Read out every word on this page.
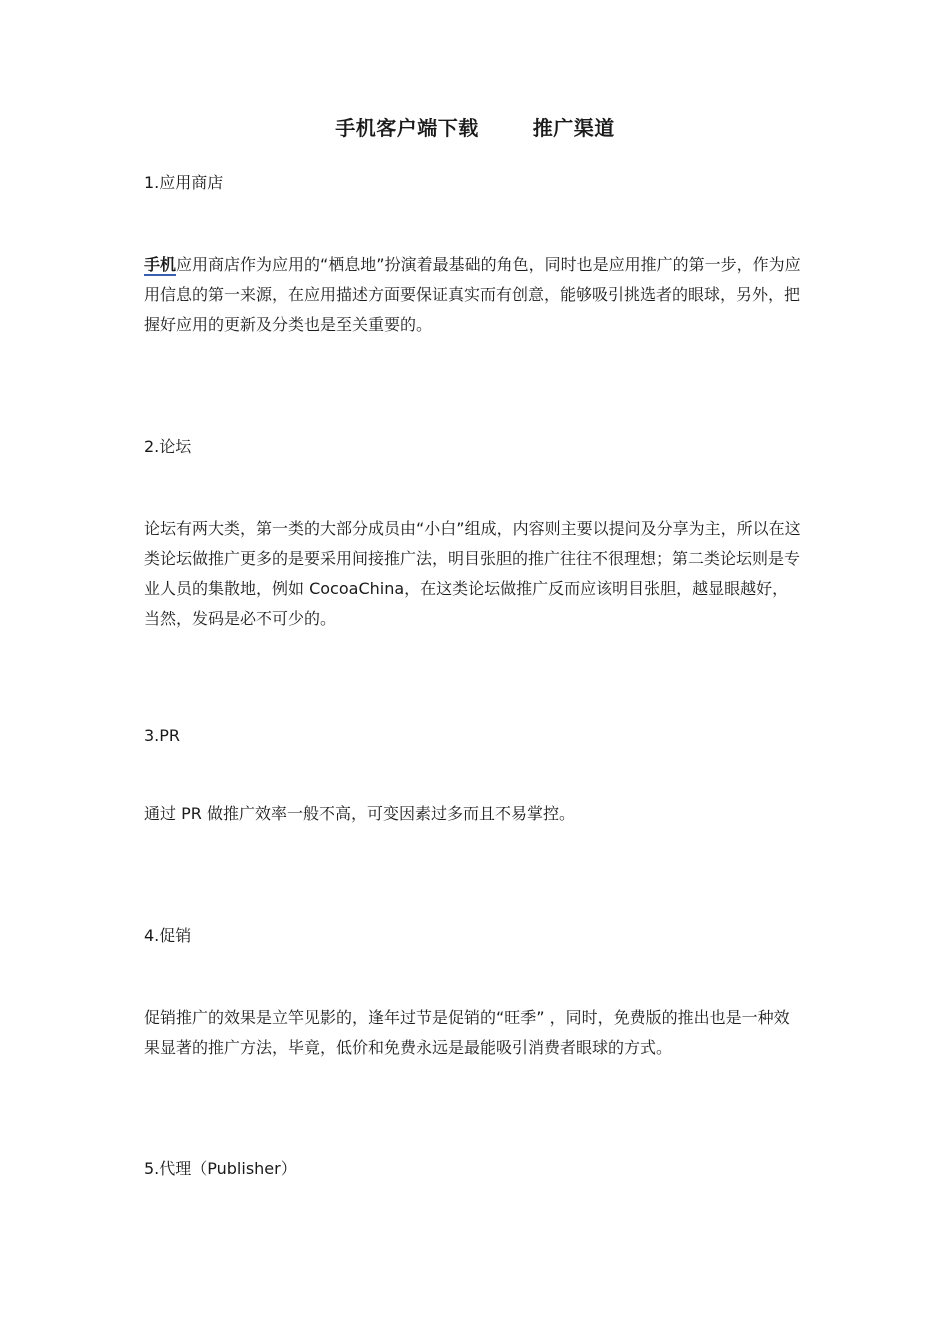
手机客户端下载	推广渠道
1.应用商店
手机应用商店作为应用的“栖息地”扮演着最基础的角色，同时也是应用推广的第一步，作为应用信息的第一来源，在应用描述方面要保证真实而有创意，能够吸引挑选者的眼球，另外，把握好应用的更新及分类也是至关重要的。
2.论坛
论坛有两大类，第一类的大部分成员由“小白”组成，内容则主要以提问及分享为主，所以在这类论坛做推广更多的是要采用间接推广法，明目张胆的推广往往不很理想；第二类论坛则是专业人员的集散地，例如 CocoaChina，在这类论坛做推广反而应该明目张胆，越显眼越好，当然，发码是必不可少的。
3.PR
通过 PR 做推广效率一般不高，可变因素过多而且不易掌控。
4.促销
促销推广的效果是立竿见影的，逢年过节是促销的“旺季” ，同时，免费版的推出也是一种效果显著的推广方法，毕竟，低价和免费永远是最能吸引消费者眼球的方式。
5.代理（Publisher）
